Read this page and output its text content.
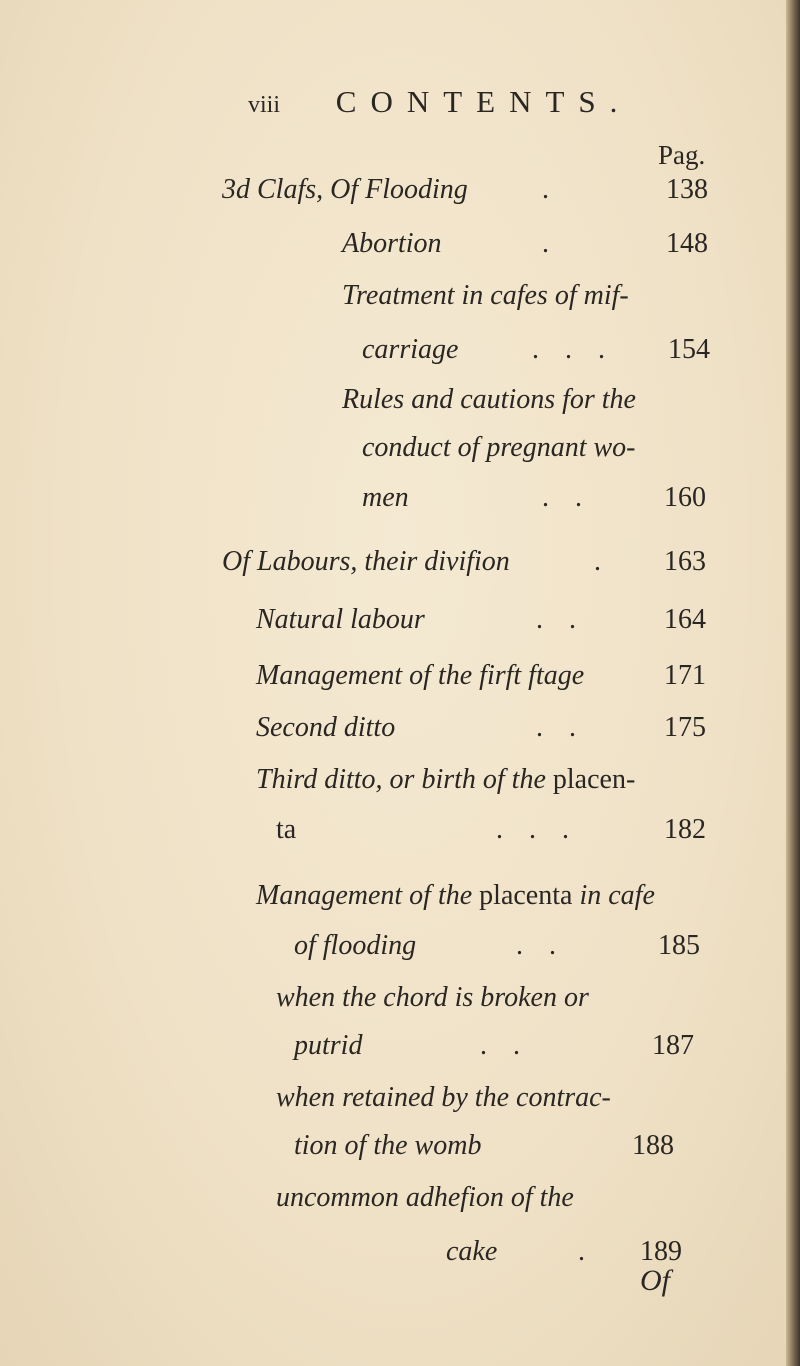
viii CONTENTS.
Pag.
3d Clafs, Of Flooding	.	138
Abortion	.	148
Treatment in cafes of mif-
carriage	... 154
Rules and cautions for the
conduct of pregnant wo-
men	.. 160
Of Labours, their divifion	. 163
Natural labour	.. 164
Management of the firft ftage	171
Second ditto	.. 175
Third ditto, or birth of the placen-
ta	... 182
Management of the placenta in cafe
of flooding	..	185
when the chord is broken or
putrid	..	187
when retained by the contrac-
tion of the womb	188
uncommon adhefion of the
cake	. 189
Of
